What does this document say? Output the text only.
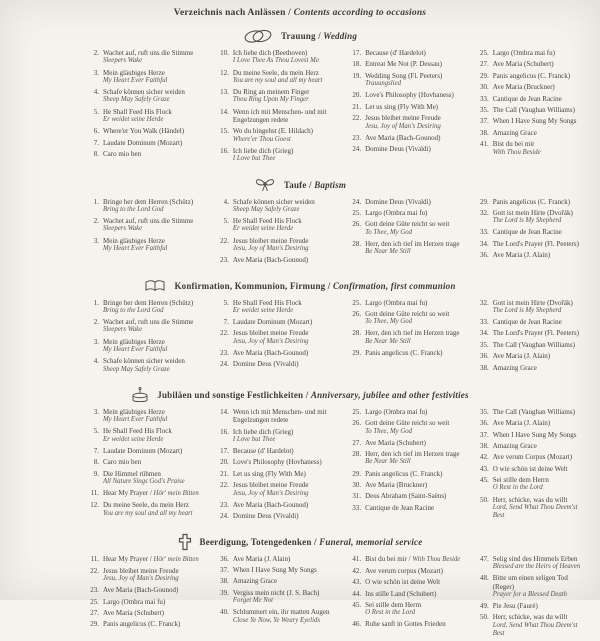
Verzeichnis nach Anlässen / Contents according to occasions
Trauung / Wedding
2. Wachet auf, ruft uns die Stimme
Sleepers Wake
3. Mein gläubiges Herze
My Heart Ever Faithful
4. Schafe können sicher weiden
Sheep May Safely Graze
5. He Shall Feed His Flock
Er weidet seine Herde
6. Where'er You Walk (Händel)
7. Laudate Dominum (Mozart)
8. Caro mio ben
10. Ich liebe dich (Beethoven)
I Love Thee As Thou Lovest Me
12. Du meine Seele, du mein Herz
You are my soul and all my heart
13. Du Ring an meinem Finger
Thou Ring Upon My Finger
14. Wenn ich mit Menschen- und mit Engelzungen redete
15. Wo du hingehst (E. Hildach)
Where'er Thou Goest
16. Ich liebe dich (Grieg)
I Love but Thee
17. Because (d' Hardelot)
18. Entreat Me Not (P. Dessau)
19. Wedding Song (Fl. Peeters)
Trauungslied
20. Love's Philosophy (Hovhaness)
21. Let us sing (Fly With Me)
22. Jesus bleibet meine Freude
Jesu, Joy of Man's Desiring
23. Ave Maria (Bach-Gounod)
24. Domine Deus (Vivaldi)
25. Largo (Ombra mai fu)
27. Ave Maria (Schubert)
29. Panis angelicus (C. Franck)
30. Ave Maria (Bruckner)
33. Cantique de Jean Racine
35. The Call (Vaughan Williams)
37. When I Have Sung My Songs
38. Amazing Grace
41. Bist du bei mir
With Thou Beside
Taufe / Baptism
1. Bringe her dem Herren (Schütz)
Bring to the Lord God
2. Wachet auf, ruft uns die Stimme
Sleepers Wake
3. Mein gläubiges Herze
My Heart Ever Faithful
4. Schafe können sicher weiden
Sheep May Safely Graze
5. He Shall Feed His Flock
Er weidet seine Herde
22. Jesus bleibet meine Freude
Jesu, Joy of Man's Desiring
23. Ave Maria (Bach-Gounod)
24. Domine Deus (Vivaldi)
25. Largo (Ombra mai fu)
26. Gott deine Güte reicht so weit
To Thee, My God
28. Herr, den ich tief im Herzen trage
Be Near Me Still
29. Panis angelicus (C. Franck)
32. Gott ist mein Hirte (Dvořák)
The Lord is My Shepherd
33. Cantique de Jean Racine
34. The Lord's Prayer (Fl. Peeters)
36. Ave Maria (J. Alain)
Konfirmation, Kommunion, Firmung / Confirmation, first communion
1. Bringe her dem Herren (Schütz)
Bring to the Lord God
2. Wachet auf, ruft uns die Stimme
Sleepers Wake
3. Mein gläubiges Herze
My Heart Ever Faithful
4. Schafe können sicher weiden
Sheep May Safely Graze
5. He Shall Feed His Flock
Er weidet seine Herde
7. Laudate Dominum (Mozart)
22. Jesus bleibet meine Freude
Jesu, Joy of Man's Desiring
23. Ave Maria (Bach-Gounod)
24. Domine Deus (Vivaldi)
25. Largo (Ombra mai fu)
26. Gott deine Güte reicht so weit
To Thee, My God
28. Herr, den ich tief im Herzen trage
Be Near Me Still
29. Panis angelicus (C. Franck)
32. Gott ist mein Hirte (Dvořák)
The Lord is My Shepherd
33. Cantique de Jean Racine
34. The Lord's Prayer (Fl. Peeters)
35. The Call (Vaughan Williams)
36. Ave Maria (J. Alain)
38. Amazing Grace
Jubiläen und sonstige Festlichkeiten / Anniversary, jubilee and other festivities
3. Mein gläubiges Herze
My Heart Ever Faithful
5. He Shall Feed His Flock
Er weidet seine Herde
7. Laudate Dominum (Mozart)
8. Caro mio ben
9. Die Himmel rühmen
All Nature Sings God's Praise
11. Hear My Prayer / Hör' mein Bitten
12. Du meine Seele, du mein Herz
You are my soul and all my heart
14. Wenn ich mit Menschen- und mit Engelzungen redete
16. Ich liebe dich (Grieg)
I Love but Thee
17. Because (d' Hardelot)
20. Love's Philosophy (Hovhaness)
21. Let us sing (Fly With Me)
22. Jesus bleibet meine Freude
Jesu, Joy of Man's Desiring
23. Ave Maria (Bach-Gounod)
24. Domine Deus (Vivaldi)
25. Largo (Ombra mai fu)
26. Gott deine Güte reicht so weit
To Thee, My God
27. Ave Maria (Schubert)
28. Herr, den ich tief im Herzen trage
Be Near Me Still
29. Panis angelicus (C. Franck)
30. Ave Maria (Bruckner)
31. Deus Abraham (Saint-Saëns)
33. Cantique de Jean Racine
35. The Call (Vaughan Williams)
36. Ave Maria (J. Alain)
37. When I Have Sung My Songs
38. Amazing Grace
42. Ave verum Corpus (Mozart)
43. O wie schön ist deine Welt
45. Sei stille dem Herrn
O Rest in the Lord
50. Herr, schicke, was du willt
Lord, Send What Thou Deem'st Best
Beerdigung, Totengedenken / Funeral, memorial service
11. Hear My Prayer / Hör' mein Bitten
22. Jesus bleibet meine Freude
Jesu, Joy of Man's Desiring
23. Ave Maria (Bach-Gounod)
25. Largo (Ombra mai fu)
27. Ave Maria (Schubert)
29. Panis angelicus (C. Franck)
36. Ave Maria (J. Alain)
37. When I Have Sung My Songs
38. Amazing Grace
39. Vergiss mein nicht (J. S. Bach)
Forget Me Not
40. Schlummert ein, ihr matten Augen
Close Ye Now, Ye Weary Eyelids
41. Bist du bei mir / With Thou Beside
42. Ave verum corpus (Mozart)
43. O wie schön ist deine Welt
44. Ins stille Land (Schubert)
45. Sei stille dem Herrn
O Rest in the Lord
46. Ruhe sanft in Gottes Frieden
47. Selig sind des Himmels Erben
Blessed are the Heirs of Heaven
48. Bitte um einen seligen Tod (Reger)
Prayer for a Blessed Death
49. Pie Jesu (Fauré)
50. Herr, schicke, was du willt
Lord, Send What Thou Deem'st Best
